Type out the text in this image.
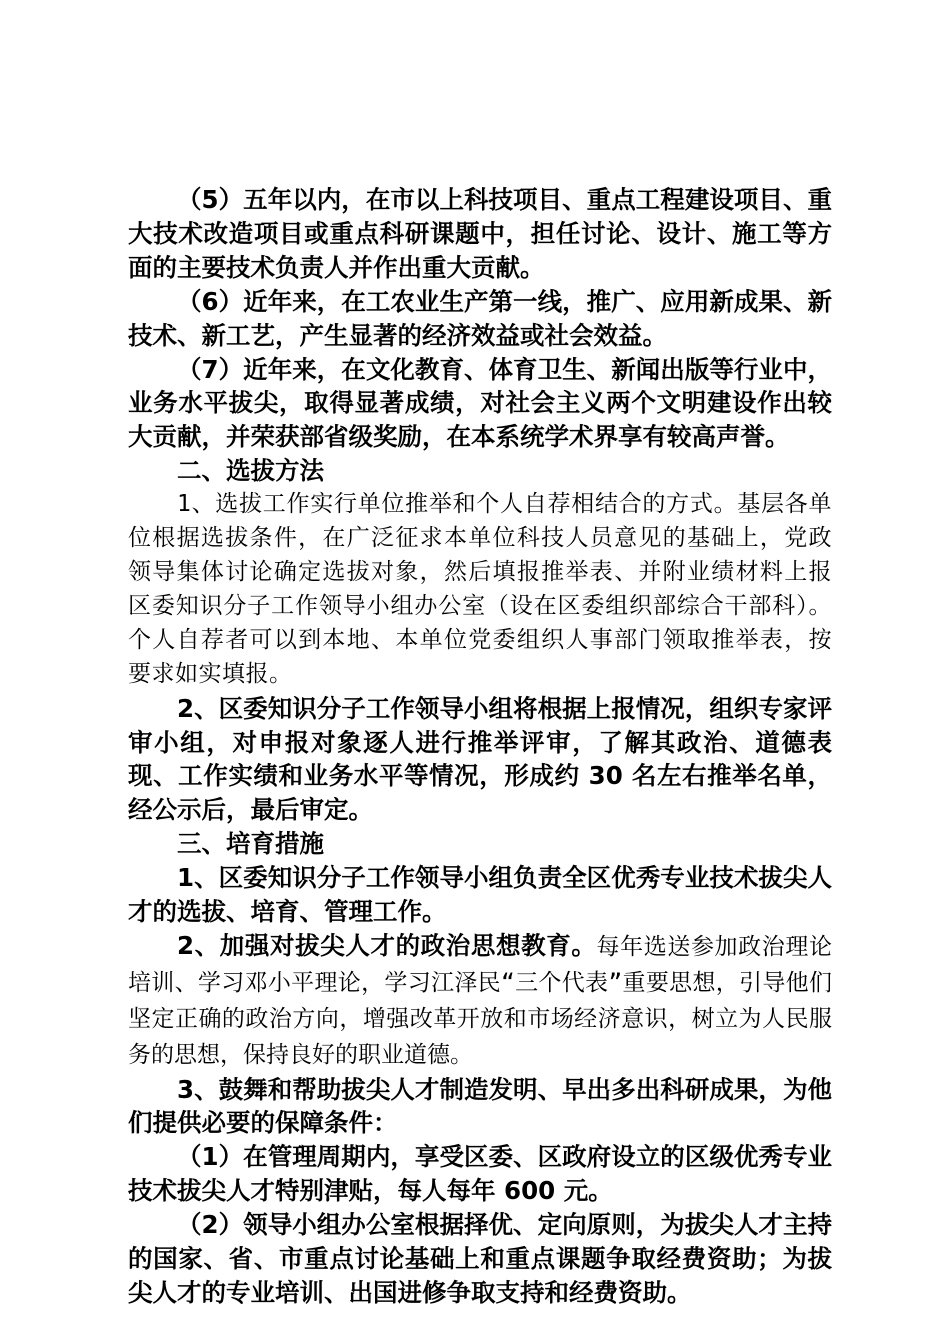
（5）五年以内，在市以上科技项目、重点工程建设项目、重大技术改造项目或重点科研课题中，担任讨论、设计、施工等方面的主要技术负责人并作出重大贡献。

（6）近年来，在工农业生产第一线，推广、应用新成果、新技术、新工艺，产生显著的经济效益或社会效益。

（7）近年来，在文化教育、体育卫生、新闻出版等行业中，业务水平拔尖，取得显著成绩，对社会主义两个文明建设作出较大贡献，并荣获部省级奖励，在本系统学术界享有较高声誉。

二、选拔方法

1、选拔工作实行单位推举和个人自荐相结合的方式。基层各单位根据选拔条件，在广泛征求本单位科技人员意见的基础上，党政领导集体讨论确定选拔对象，然后填报推举表、并附业绩材料上报区委知识分子工作领导小组办公室（设在区委组织部综合干部科）。个人自荐者可以到本地、本单位党委组织人事部门领取推举表，按要求如实填报。

2、区委知识分子工作领导小组将根据上报情况，组织专家评审小组，对申报对象逐人进行推举评审，了解其政治、道德表现、工作实绩和业务水平等情况，形成约 30 名左右推举名单，经公示后，最后审定。

三、培育措施

1、区委知识分子工作领导小组负责全区优秀专业技术拔尖人才的选拔、培育、管理工作。

2、加强对拔尖人才的政治思想教育。每年选送参加政治理论培训、学习邓小平理论，学习江泽民“三个代表”重要思想，引导他们坚定正确的政治方向，增强改革开放和市场经济意识，树立为人民服务的思想，保持良好的职业道德。

3、鼓舞和帮助拔尖人才制造发明、早出多出科研成果，为他们提供必要的保障条件：

（1）在管理周期内，享受区委、区政府设立的区级优秀专业技术拔尖人才特别津贴，每人每年 600 元。

（2）领导小组办公室根据择优、定向原则，为拔尖人才主持的国家、省、市重点讨论基础上和重点课题争取经费资助；为拔尖人才的专业培训、出国进修争取支持和经费资助。
